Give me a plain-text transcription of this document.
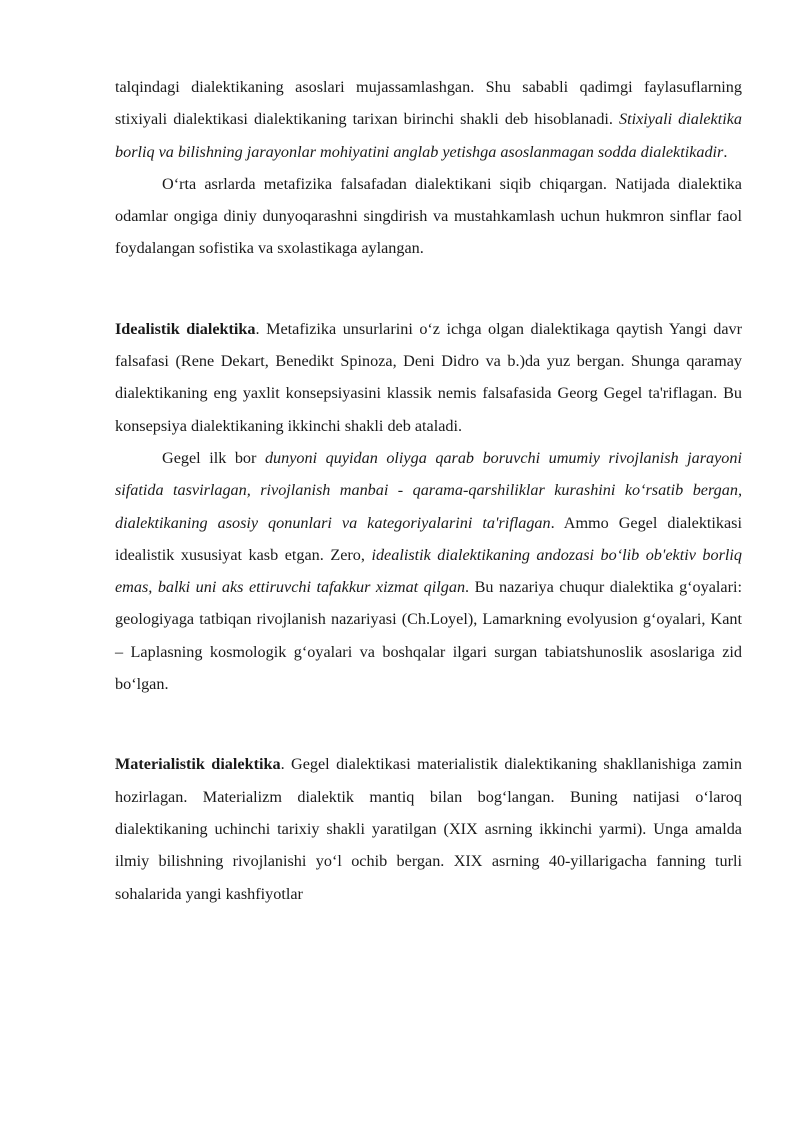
talqindagi dialektikaning asoslari mujassamlashgan. Shu sababli qadimgi faylasuflarning stixiyali dialektikasi dialektikaning tarixan birinchi shakli deb hisoblanadi. Stixiyali dialektika borliq va bilishning jarayonlar mohiyatini anglab yetishga asoslanmagan sodda dialektikadir.

O‘rta asrlarda metafizika falsafadan dialektikani siqib chiqargan. Natijada dialektika odamlar ongiga diniy dunyoqarashni singdirish va mustahkamlash uchun hukmron sinflar faol foydalangan sofistika va sxolastikaga aylangan.

Idealistik dialektika. Metafizika unsurlarini o‘z ichga olgan dialektikaga qaytish Yangi davr falsafasi (Rene Dekart, Benedikt Spinoza, Deni Didro va b.)da yuz bergan. Shunga qaramay dialektikaning eng yaxlit konsepsiyasini klassik nemis falsafasida Georg Gegel ta'riflagan. Bu konsepsiya dialektikaning ikkinchi shakli deb ataladi.

Gegel ilk bor dunyoni quyidan oliyga qarab boruvchi umumiy rivojlanish jarayoni sifatida tasvirlagan, rivojlanish manbai - qarama-qarshiliklar kurashini ko‘rsatib bergan, dialektikaning asosiy qonunlari va kategoriyalarini ta'riflagan. Ammo Gegel dialektikasi idealistik xususiyat kasb etgan. Zero, idealistik dialektikaning andozasi bo‘lib ob'ektiv borliq emas, balki uni aks ettiruvchi tafakkur xizmat qilgan. Bu nazariya chuqur dialektika g‘oyalari: geologiyaga tatbiqan rivojlanish nazariyasi (Ch.Loyel), Lamarkning evolyusion g‘oyalari, Kant – Laplasning kosmologik g‘oyalari va boshqalar ilgari surgan tabiatshunoslik asoslariga zid bo‘lgan.

Materialistik dialektika. Gegel dialektikasi materialistik dialektikaning shakllanishiga zamin hozirlagan. Materializm dialektik mantiq bilan bog‘langan. Buning natijasi o‘laroq dialektikaning uchinchi tarixiy shakli yaratilgan (XIX asrning ikkinchi yarmi). Unga amalda ilmiy bilishning rivojlanishi yo‘l ochib bergan. XIX asrning 40-yillarigacha fanning turli sohalarida yangi kashfiyotlar
